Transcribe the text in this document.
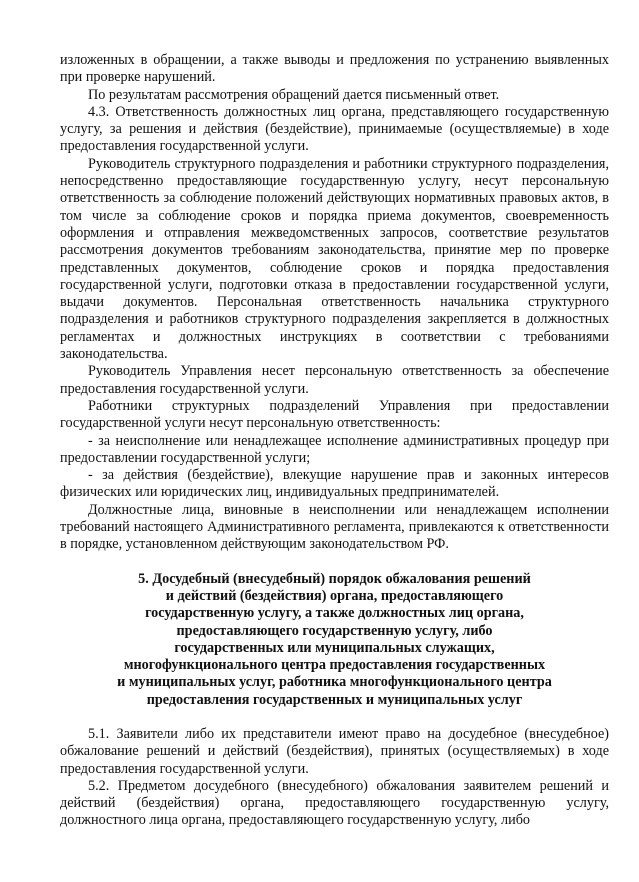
изложенных в обращении, а также выводы и предложения по устранению выявленных при проверке нарушений.

По результатам рассмотрения обращений дается письменный ответ.

4.3. Ответственность должностных лиц органа, представляющего государственную услугу, за решения и действия (бездействие), принимаемые (осуществляемые) в ходе предоставления государственной услуги.

Руководитель структурного подразделения и работники структурного подразделения, непосредственно предоставляющие государственную услугу, несут персональную ответственность за соблюдение положений действующих нормативных правовых актов, в том числе за соблюдение сроков и порядка приема документов, своевременность оформления и отправления межведомственных запросов, соответствие результатов рассмотрения документов требованиям законодательства, принятие мер по проверке представленных документов, соблюдение сроков и порядка предоставления государственной услуги, подготовки отказа в предоставлении государственной услуги, выдачи документов. Персональная ответственность начальника структурного подразделения и работников структурного подразделения закрепляется в должностных регламентах и должностных инструкциях в соответствии с требованиями законодательства.

Руководитель Управления несет персональную ответственность за обеспечение предоставления государственной услуги.

Работники структурных подразделений Управления при предоставлении государственной услуги несут персональную ответственность:

- за неисполнение или ненадлежащее исполнение административных процедур при предоставлении государственной услуги;

- за действия (бездействие), влекущие нарушение прав и законных интересов физических или юридических лиц, индивидуальных предпринимателей.

Должностные лица, виновные в неисполнении или ненадлежащем исполнении требований настоящего Административного регламента, привлекаются к ответственности в порядке, установленном действующим законодательством РФ.

5. Досудебный (внесудебный) порядок обжалования решений
и действий (бездействия) органа, предоставляющего
государственную услугу, а также должностных лиц органа,
предоставляющего государственную услугу, либо
государственных или муниципальных служащих,
многофункционального центра предоставления государственных
и муниципальных услуг, работника многофункционального центра
предоставления государственных и муниципальных услуг

5.1. Заявители либо их представители имеют право на досудебное (внесудебное) обжалование решений и действий (бездействия), принятых (осуществляемых) в ходе предоставления государственной услуги.

5.2. Предметом досудебного (внесудебного) обжалования заявителем решений и действий (бездействия) органа, предоставляющего государственную услугу, должностного лица органа, предоставляющего государственную услугу, либо
